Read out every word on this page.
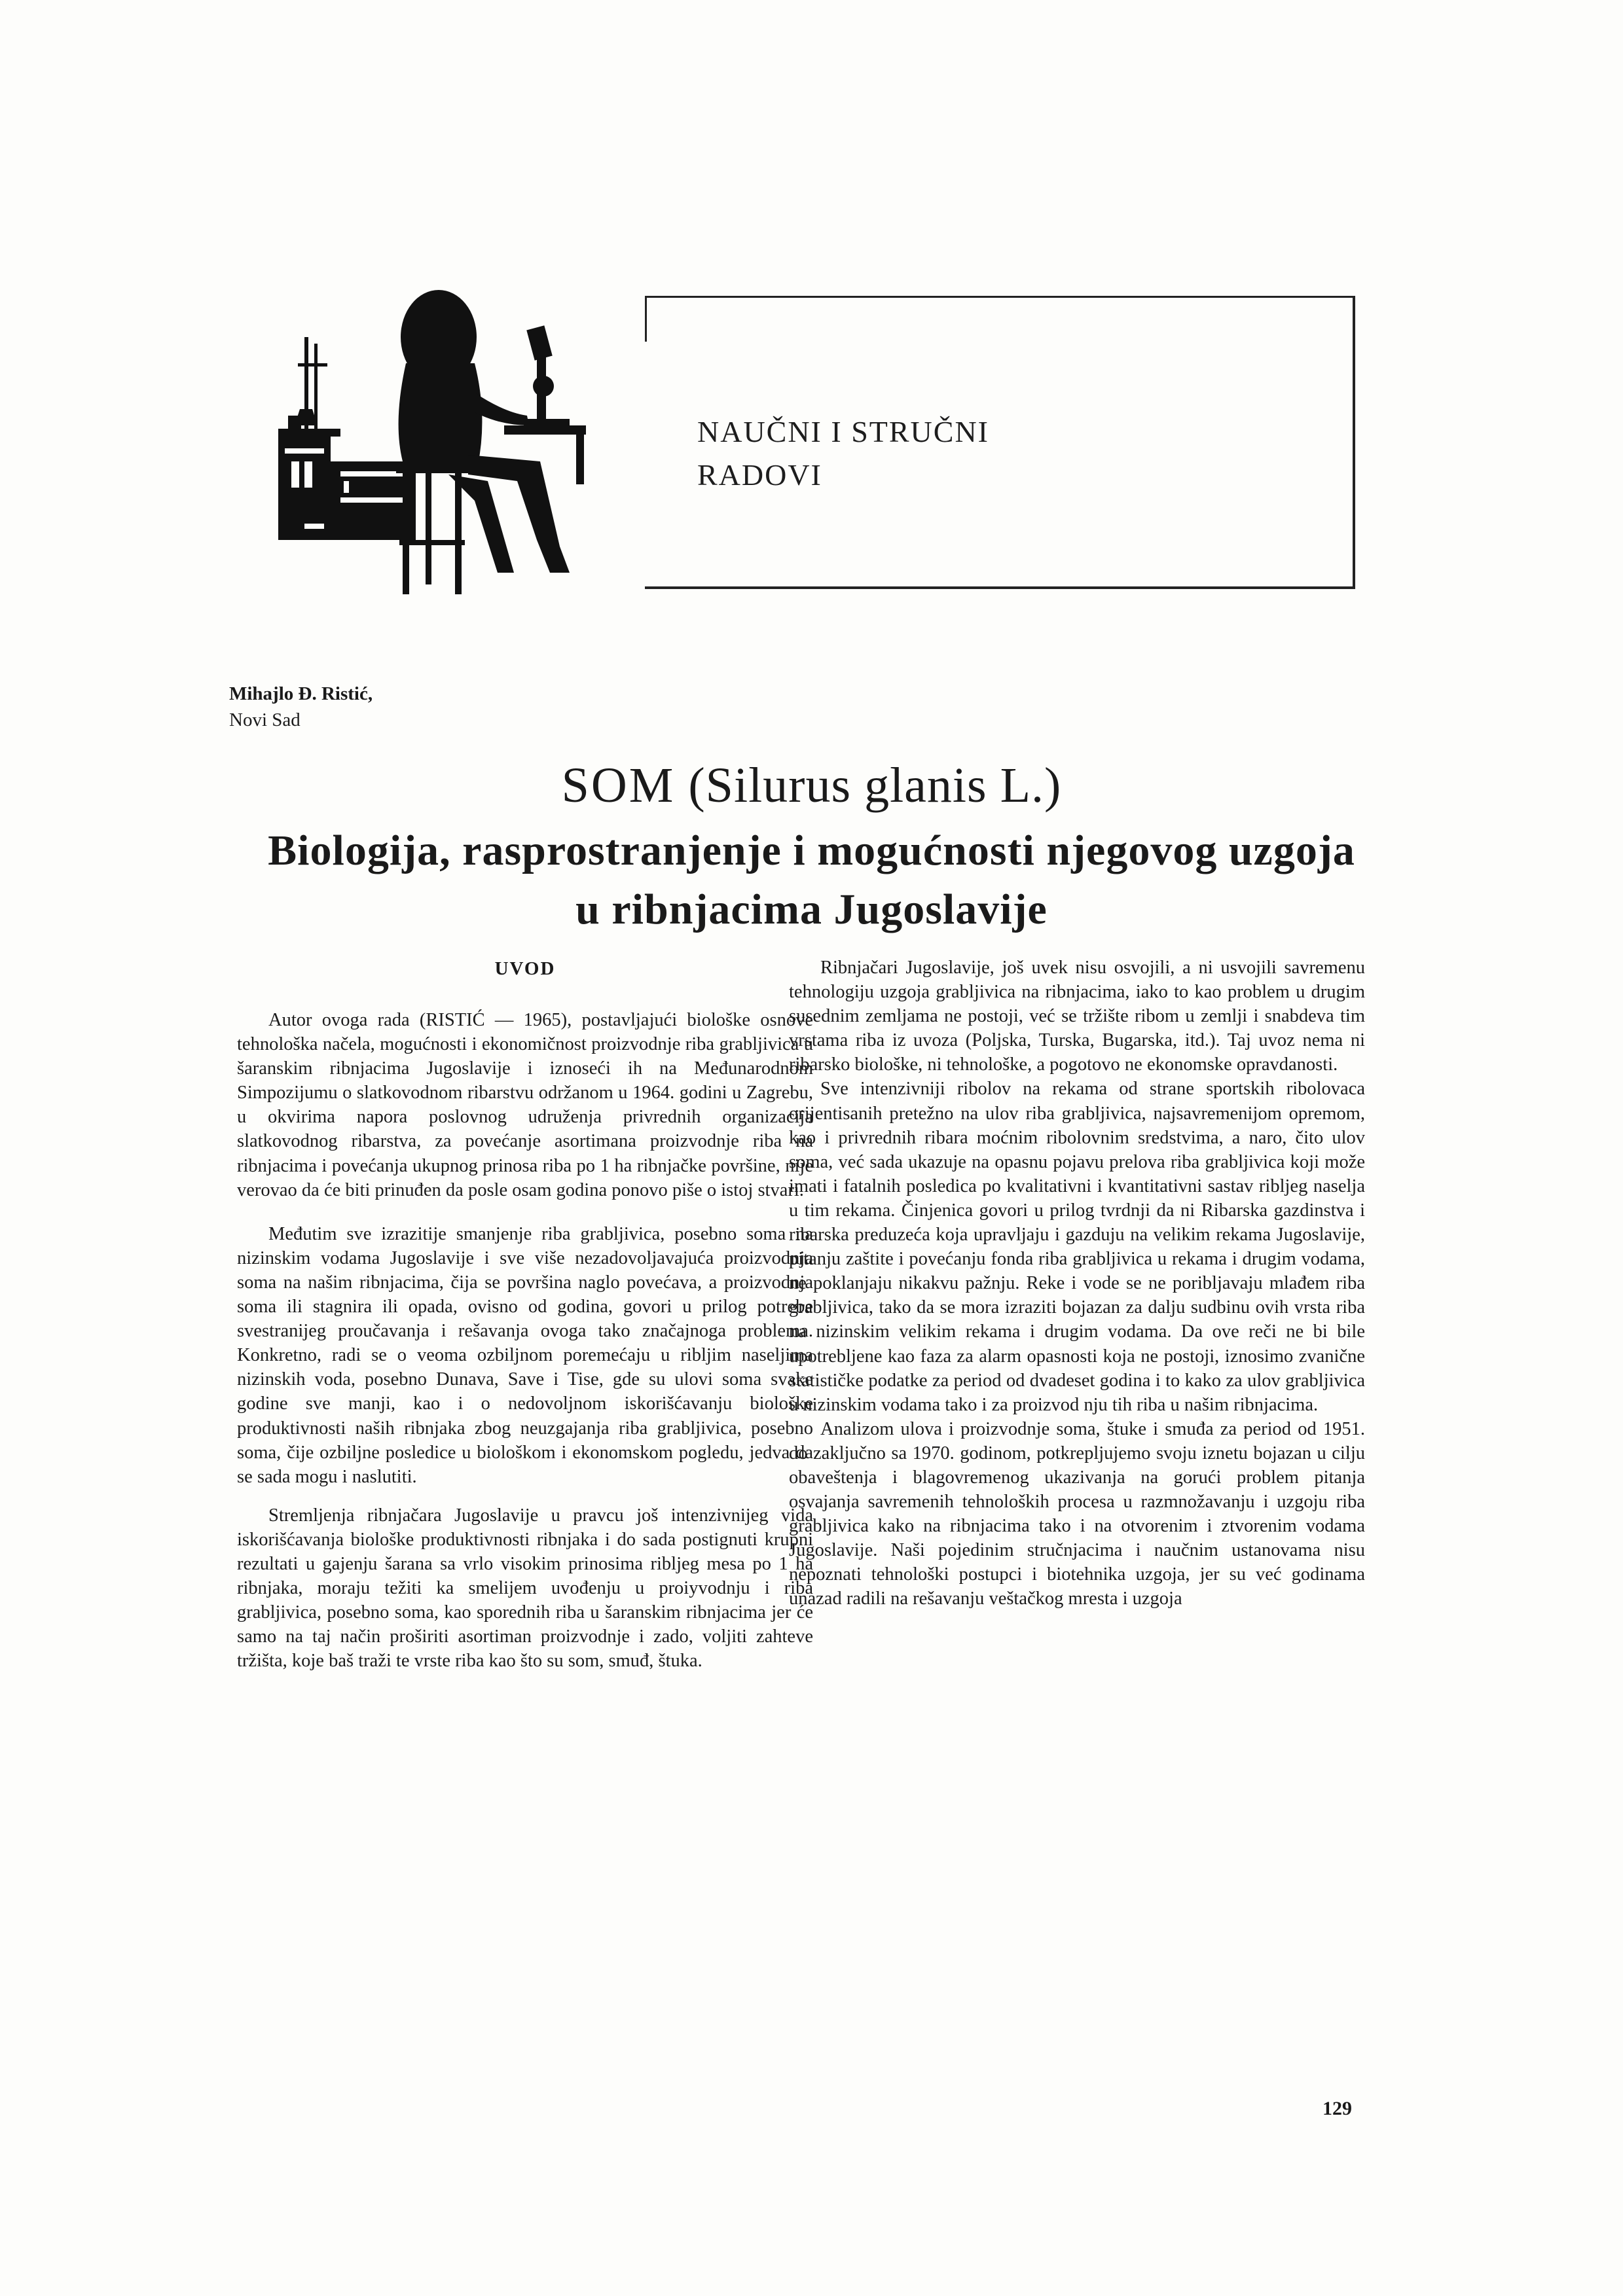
NAUČNI I STRUČNI
RADOVI
Mihajlo Đ. Ristić,
Novi Sad
SOM (Silurus glanis L.)
Biologija, rasprostranjenje i mogućnosti njegovog uzgoja
u ribnjacima Jugoslavije
UVOD

Autor ovoga rada (RISTIĆ — 1965), postavljajući biološke osnove tehnološka načela, mogućnosti i ekonomičnost proizvodnje riba grabljivica u šaranskim ribnjacima Jugoslavije i iznoseći ih na Međunarodnom Simpozijumu o slatkovodnom ribarstvu održanom u 1964. godini u Zagrebu, u okvirima napora poslovnog udruženja privrednih organizacija slatkovodnog ribarstva, za povećanje asortimana proizvodnje riba na ribnjacima i povećanja ukupnog prinosa riba po 1 ha ribnjačke površine, nije verovao da će biti prinuđen da posle osam godina ponovo piše o istoj stvari.

Međutim sve izrazitije smanjenje riba grabljivica, posebno soma na nizinskim vodama Jugoslavije i sve više nezadovoljavajuća proizvodnja soma na našim ribnjacima, čija se površina naglo povećava, a proizvodnja soma ili stagnira ili opada, ovisno od godina, govori u prilog potrebe svestranijeg proučavanja i rešavanja ovoga tako značajnoga problema. Konkretno, radi se o veoma ozbiljnom poremećaju u ribljim naseljima nizinskih voda, posebno Dunava, Save i Tise, gde su ulovi soma svake godine sve manji, kao i o nedovoljnom iskorišćavanju biološke produktivnosti naših ribnjaka zbog neuzgajanja riba grabljivica, posebno soma, čije ozbiljne posledice u biološkom i ekonomskom pogledu, jedva da se sada mogu i naslutiti.

Stremljenja ribnjačara Jugoslavije u pravcu još intenzivnijeg vida iskorišćavanja biološke produktivnosti ribnjaka i do sada postignuti krupni rezultati u gajenju šarana sa vrlo visokim prinosima ribljeg mesa po 1 ha ribnjaka, moraju težiti ka smelijem uvođenju u proiyvodnju i riba grabljivica, posebno soma, kao sporednih riba u šaranskim ribnjacima jer će samo na taj način proširiti asortiman proizvodnje i zado, voljiti zahteve tržišta, koje baš traži te vrste riba kao što su som, smuđ, štuka.

Ribnjačari Jugoslavije, još uvek nisu osvojili, a ni usvojili savremenu tehnologiju uzgoja grabljivica na ribnjacima, iako to kao problem u drugim susednim zemljama ne postoji, već se tržište ribom u zemlji i snabdeva tim vrstama riba iz uvoza (Poljska, Turska, Bugarska, itd.). Taj uvoz nema ni ribarsko biološke, ni tehnološke, a pogotovo ne ekonomske opravdanosti.

Sve intenzivniji ribolov na rekama od strane sportskih ribolovaca orijentisanih pretežno na ulov riba grabljivica, najsavremenijom opremom, kao i privrednih ribara moćnim ribolovnim sredstvima, a naro, čito ulov soma, već sada ukazuje na opasnu pojavu prelova riba grabljivica koji može imati i fatalnih posledica po kvalitativni i kvantitativni sastav ribljeg naselja u tim rekama. Činjenica govori u prilog tvrdnji da ni Ribarska gazdinstva i ribarska preduzeća koja upravljaju i gazduju na velikim rekama Jugoslavije, pitanju zaštite i povećanju fonda riba grabljivica u rekama i drugim vodama, ne poklanjaju nikakvu pažnju. Reke i vode se ne poribljavaju mlađem riba grabljivica, tako da se mora izraziti bojazan za dalju sudbinu ovih vrsta riba na nizinskim velikim rekama i drugim vodama. Da ove reči ne bi bile upotrebljene kao faza za alarm opasnosti koja ne postoji, iznosimo zvanične statističke podatke za period od dvadeset godina i to kako za ulov grabljivica u nizinskim vodama tako i za proizvod nju tih riba u našim ribnjacima.

Analizom ulova i proizvodnje soma, štuke i smuđa za period od 1951. do zaključno sa 1970. godinom, potkrepljujemo svoju iznetu bojazan u cilju obaveštenja i blagovremenog ukazivanja na gorući problem pitanja osvajanja savremenih tehnoloških procesa u razmnožavanju i uzgoju riba grabljivica kako na ribnjacima tako i na otvorenim i ztvorenim vodama Jugoslavije. Naši pojedinim stručnjacima i naučnim ustanovama nisu nepoznati tehnološki postupci i biotehnika uzgoja, jer su već godinama unazad radili na rešavanju veštačkog mresta i uzgoja

129
